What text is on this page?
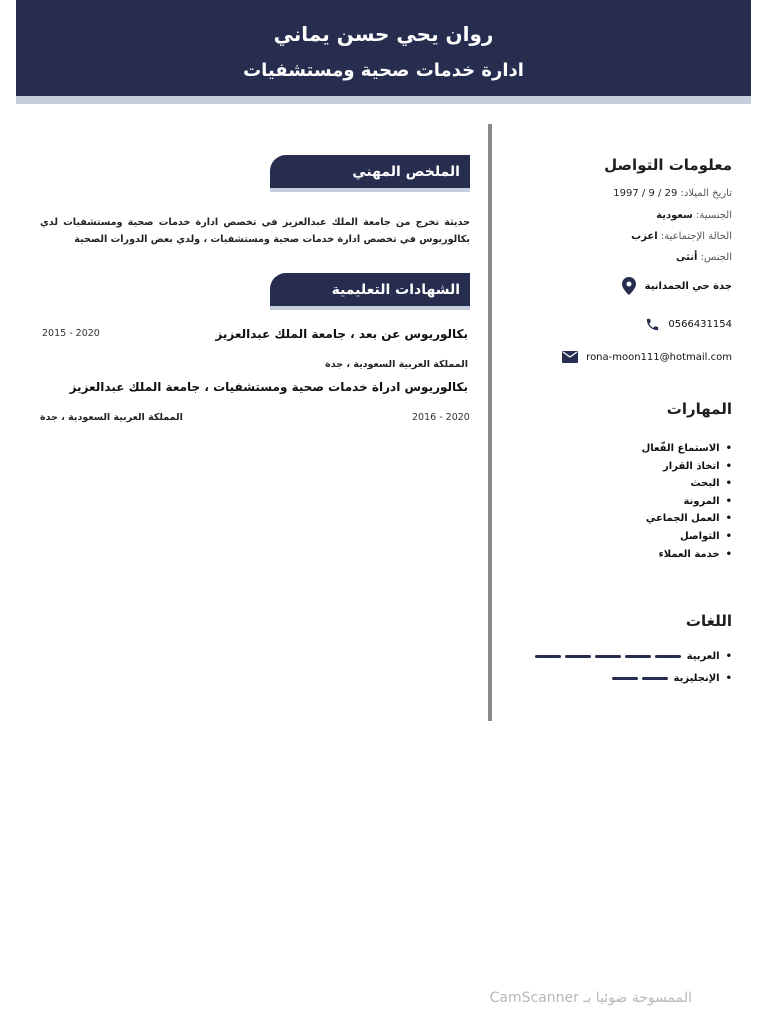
روان يحي حسن يماني
ادارة خدمات صحية ومستشفيات
معلومات التواصل
تاريخ الميلاد: 29 / 9 / 1997
الجنسية: سعودية
الحالة الإجتماعية: اعزب
الجنس: أنثى
جدة حي الحمدانية
0566431154
rona-moon111@hotmail.com
المهارات
• الاستماع الفّعال
• اتخاذ القرار
• البحث
• المرونة
• العمل الجماعي
• التواصل
• خدمة العملاء
اللغات
•
العربية
•
الإنجليزية
الملخص المهني
حديثة تخرج من جامعة الملك عبدالعزيز في تخصص ادارة خدمات صحية ومستشفيات لدي بكالوريوس في تخصص ادارة خدمات صحية ومستشفيات ، ولدي بعض الدورات الصحية
الشهادات التعليمية
بكالوريوس عن بعد ، جامعة الملك عبدالعزيز
2015 - 2020
المملكة العربية السعودية ، جدة
بكالوريوس ادراة خدمات صحية ومستشفيات ، جامعة الملك عبدالعزيز
2016 - 2020
المملكة العربية السعودية ، جدة
الممسوحة ضوئيا بـ CamScanner
